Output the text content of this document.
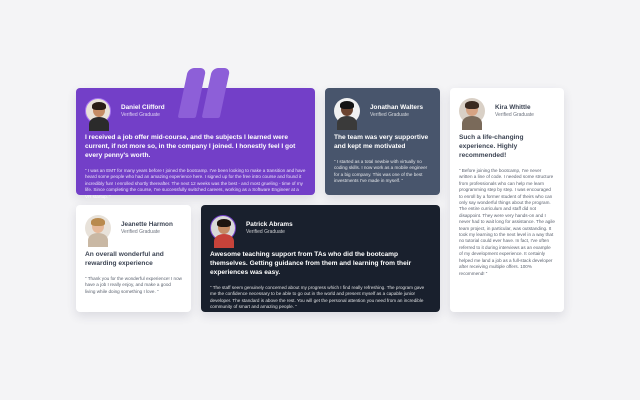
Daniel Clifford
Verified Graduate
I received a job offer mid-course, and the subjects I learned were current, if not more so, in the company I joined. I honestly feel I got every penny's worth.
“ I was an EMT for many years before I joined the bootcamp. I've been looking to make a transition and have heard some people who had an amazing experience here. I signed up for the free intro course and found it incredibly fun! I enrolled shortly thereafter. The next 12 weeks was the best - and most grueling - time of my life. Since completing the course, I've successfully switched careers, working as a Software Engineer at a VR startup. ”
Jonathan Walters
Verified Graduate
The team was very supportive and kept me motivated
“ I started as a total newbie with virtually no coding skills. I now work as a mobile engineer for a big company. This was one of the best investments I've made in myself. ”
Kira Whittle
Verified Graduate
Such a life-changing experience. Highly recommended!
“ Before joining the bootcamp, I've never written a line of code. I needed some structure from professionals who can help me learn programming step by step. I was encouraged to enroll by a former student of theirs who can only say wonderful things about the program. The entire curriculum and staff did not disappoint. They were very hands-on and I never had to wait long for assistance. The agile team project, in particular, was outstanding. It took my learning to the next level in a way that no tutorial could ever have. In fact, I've often referred to it during interviews as an example of my development experience. It certainly helped me land a job as a full-stack developer after receiving multiple offers. 100% recommend! ”
Jeanette Harmon
Verified Graduate
An overall wonderful and rewarding experience
“ Thank you for the wonderful experience! I now have a job I really enjoy, and make a good living while doing something I love. ”
Patrick Abrams
Verified Graduate
Awesome teaching support from TAs who did the bootcamp themselves. Getting guidance from them and learning from their experiences was easy.
“ The staff seem genuinely concerned about my progress which I find really refreshing. The program gave me the confidence necessary to be able to go out in the world and present myself as a capable junior developer. The standard is above the rest. You will get the personal attention you need from an incredible community of smart and amazing people. ”
